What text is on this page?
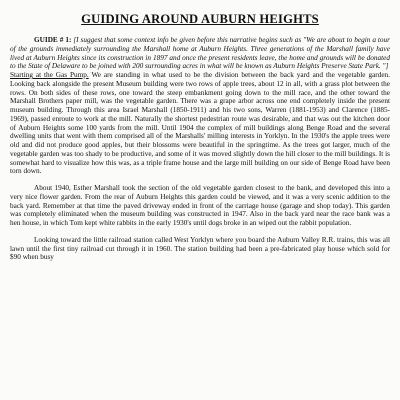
GUIDING AROUND AUBURN HEIGHTS

GUIDE # 1: [I suggest that some context info be given before this narrative begins such as "We are about to begin a tour of the grounds immediately surrounding the Marshall home at Auburn Heights. Three generations of the Marshall family have lived at Auburn Heights since its construction in 1897 and once the present residents leave, the home and grounds will be donated to the State of Delaware to be joined with 200 surrounding acres in what will be known as Auburn Heights Preserve State Park. "]

Starting at the Gas Pump. We are standing in what used to be the division between the back yard and the vegetable garden. Looking back alongside the present Museum building were two rows of apple trees, about 12 in all, with a grass plot between the rows. On both sides of these rows, one toward the steep embankment going down to the mill race, and the other toward the Marshall Brothers paper mill, was the vegetable garden. There was a grape arbor across one end completely inside the present museum building. Through this area Israel Marshall (1850-1911) and his two sons, Warren (1881-1953) and Clarence (1885-1969), passed enroute to work at the mill. Naturally the shortest pedestrian route was desirable, and that was out the kitchen door of Auburn Heights some 100 yards from the mill. Until 1904 the complex of mill buildings along Benge Road and the several dwelling units that went with them comprised all of the Marshalls' milling interests in Yorklyn. In the 1930's the apple trees were old and did not produce good apples, but their blossoms were beautiful in the springtime. As the trees got larger, much of the vegetable garden was too shady to be productive, and some of it was moved slightly down the hill closer to the mill buildings. It is somewhat hard to visualize how this was, as a triple frame house and the large mill building on our side of Benge Road have been torn down.

About 1940, Esther Marshall took the section of the old vegetable garden closest to the bank, and developed this into a very nice flower garden. From the rear of Auburn Heights this garden could be viewed, and it was a very scenic addition to the back yard. Remember at that time the paved driveway ended in front of the carriage house (garage and shop today). This garden was completely eliminated when the museum building was constructed in 1947. Also in the back yard near the race bank was a hen house, in which Tom kept white rabbits in the early 1930's until dogs broke in an wiped out the rabbit population.

Looking toward the little railroad station called West Yorklyn where you board the Auburn Valley R.R. trains, this was all lawn until the first tiny railroad cut through it in 1960. The station building had been a pre-fabricated play house which sold for $90 when busy
